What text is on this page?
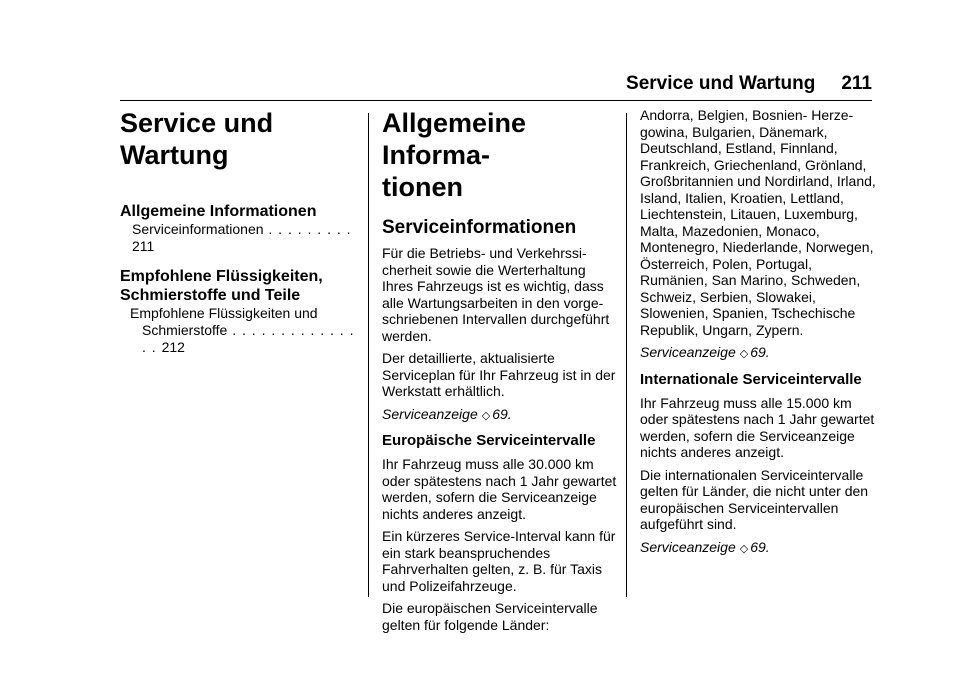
Service und Wartung 211
Service und
Wartung
Allgemeine Informationen
Serviceinformationen . . . . . . . . . 211
Empfohlene Flüssigkeiten,
Schmierstoffe und Teile
Empfohlene Flüssigkeiten und
Schmierstoffe . . . . . . . . . . . . . . . 212
Allgemeine Informa-
tionen
Serviceinformationen

Für die Betriebs- und Verkehrssi-cherheit sowie die Werterhaltung Ihres Fahrzeugs ist es wichtig, dass alle Wartungsarbeiten in den vorge-schriebenen Intervallen durchgeführt werden.

Der detaillierte, aktualisierte Serviceplan für Ihr Fahrzeug ist in der Werkstatt erhältlich.

Serviceanzeige ◇ 69.

Europäische Serviceintervalle

Ihr Fahrzeug muss alle 30.000 km oder spätestens nach 1 Jahr gewartet werden, sofern die Serviceanzeige nichts anderes anzeigt.

Ein kürzeres Service-Interval kann für ein stark beanspruchendes Fahrverhalten gelten, z. B. für Taxis und Polizeifahrzeuge.

Die europäischen Serviceintervalle gelten für folgende Länder:

Andorra, Belgien, Bosnien- Herze-gowina, Bulgarien, Dänemark, Deutschland, Estland, Finnland, Frankreich, Griechenland, Grönland, Großbritannien und Nordirland, Irland, Island, Italien, Kroatien, Lettland, Liechtenstein, Litauen, Luxemburg, Malta, Mazedonien, Monaco, Montenegro, Niederlande, Norwegen, Österreich, Polen, Portugal, Rumänien, San Marino, Schweden, Schweiz, Serbien, Slowakei, Slowenien, Spanien, Tschechische Republik, Ungarn, Zypern.

Serviceanzeige ◇ 69.

Internationale Serviceintervalle

Ihr Fahrzeug muss alle 15.000 km oder spätestens nach 1 Jahr gewartet werden, sofern die Serviceanzeige nichts anderes anzeigt.

Die internationalen Serviceintervalle gelten für Länder, die nicht unter den europäischen Serviceintervallen aufgeführt sind.

Serviceanzeige ◇ 69.
